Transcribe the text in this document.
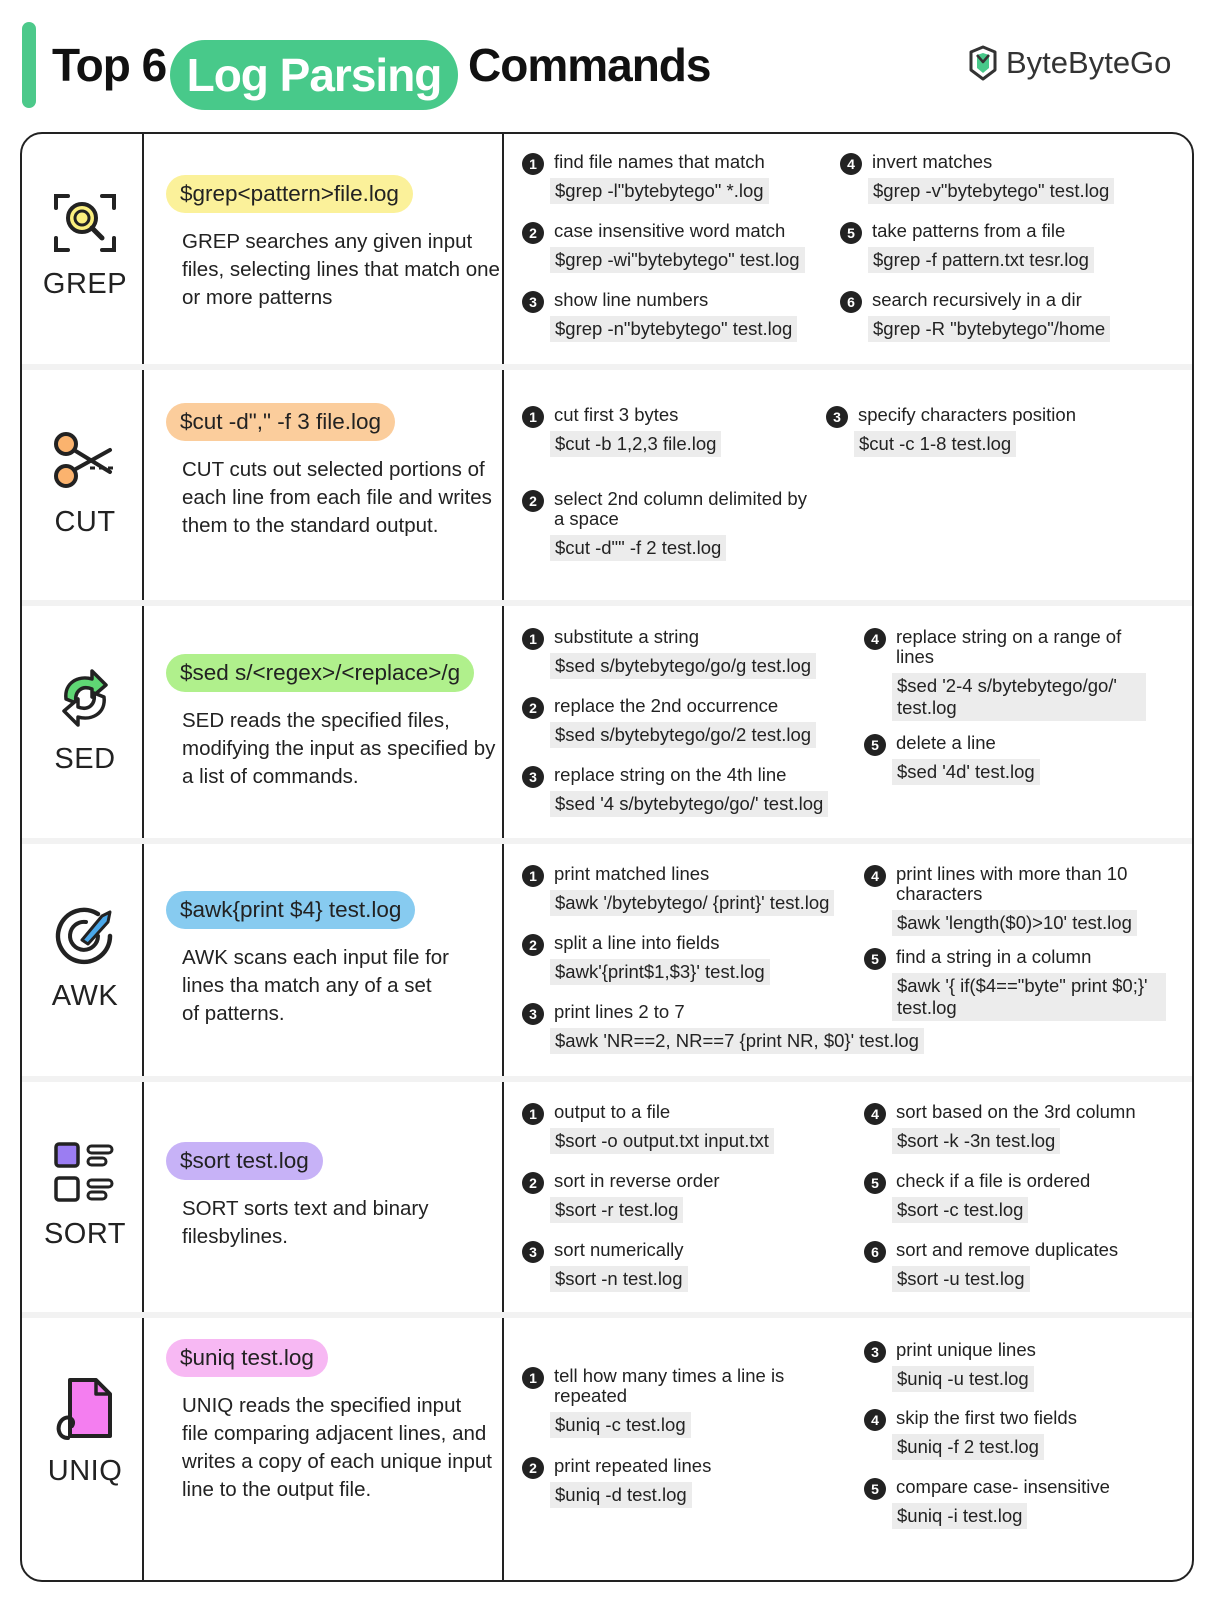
Top 6 Log Parsing Commands	ByteByteGo
GREP
CUT
SED
AWK
SORT
UNIQ
$grep<pattern>file.log
GREP searches any given input files, selecting lines that match one or more patterns
$cut -d"," -f 3 file.log
CUT cuts out selected portions of each line from each file and writes them to the standard output.
$sed s/<regex>/<replace>/g
SED reads the specified files, modifying the input as specified by a list of commands.
$awk{print $4} test.log
AWK scans each input file for lines tha match any of a set of patterns.
$sort test.log
SORT sorts text and binary filesbylines.
$uniq test.log
UNIQ reads the specified input file comparing adjacent lines, and writes a copy of each unique input line to the output file.
1 find file names that match
$grep -l"bytebytego" *.log
2 case insensitive word match
$grep -wi"bytebytego" test.log
3 show line numbers
$grep -n"bytebytego" test.log
4 invert matches
$grep -v"bytebytego" test.log
5 take patterns from a file
$grep -f pattern.txt tesr.log
6 search recursively in a dir
$grep -R "bytebytego"/home
1 cut first 3 bytes
$cut -b 1,2,3 file.log
2 select 2nd column delimited by a space
$cut -d"" -f 2 test.log
3 specify characters position
$cut -c 1-8 test.log
1 substitute a string
$sed s/bytebytego/go/g test.log
2 replace the 2nd occurrence
$sed s/bytebytego/go/2 test.log
3 replace string on the 4th line
$sed '4 s/bytebytego/go/' test.log
4 replace string on a range of lines
$sed '2-4 s/bytebytego/go/' test.log
5 delete a line
$sed '4d' test.log
1 print matched lines
$awk '/bytebytego/ {print}' test.log
2 split a line into fields
$awk'{print$1,$3}' test.log
3 print lines 2 to 7
$awk 'NR==2, NR==7 {print NR, $0}' test.log
4 print lines with more than 10 characters
$awk 'length($0)>10' test.log
5 find a string in a column
$awk '{ if($4=="byte" print $0;}' test.log
1 output to a file
$sort -o output.txt input.txt
2 sort in reverse order
$sort -r test.log
3 sort numerically
$sort -n test.log
4 sort based on the 3rd column
$sort -k -3n test.log
5 check if a file is ordered
$sort -c test.log
6 sort and remove duplicates
$sort -u test.log
1 tell how many times a line is repeated
$uniq -c test.log
2 print repeated lines
$uniq -d test.log
3 print unique lines
$uniq -u test.log
4 skip the first two fields
$uniq -f 2 test.log
5 compare case- insensitive
$uniq -i test.log
